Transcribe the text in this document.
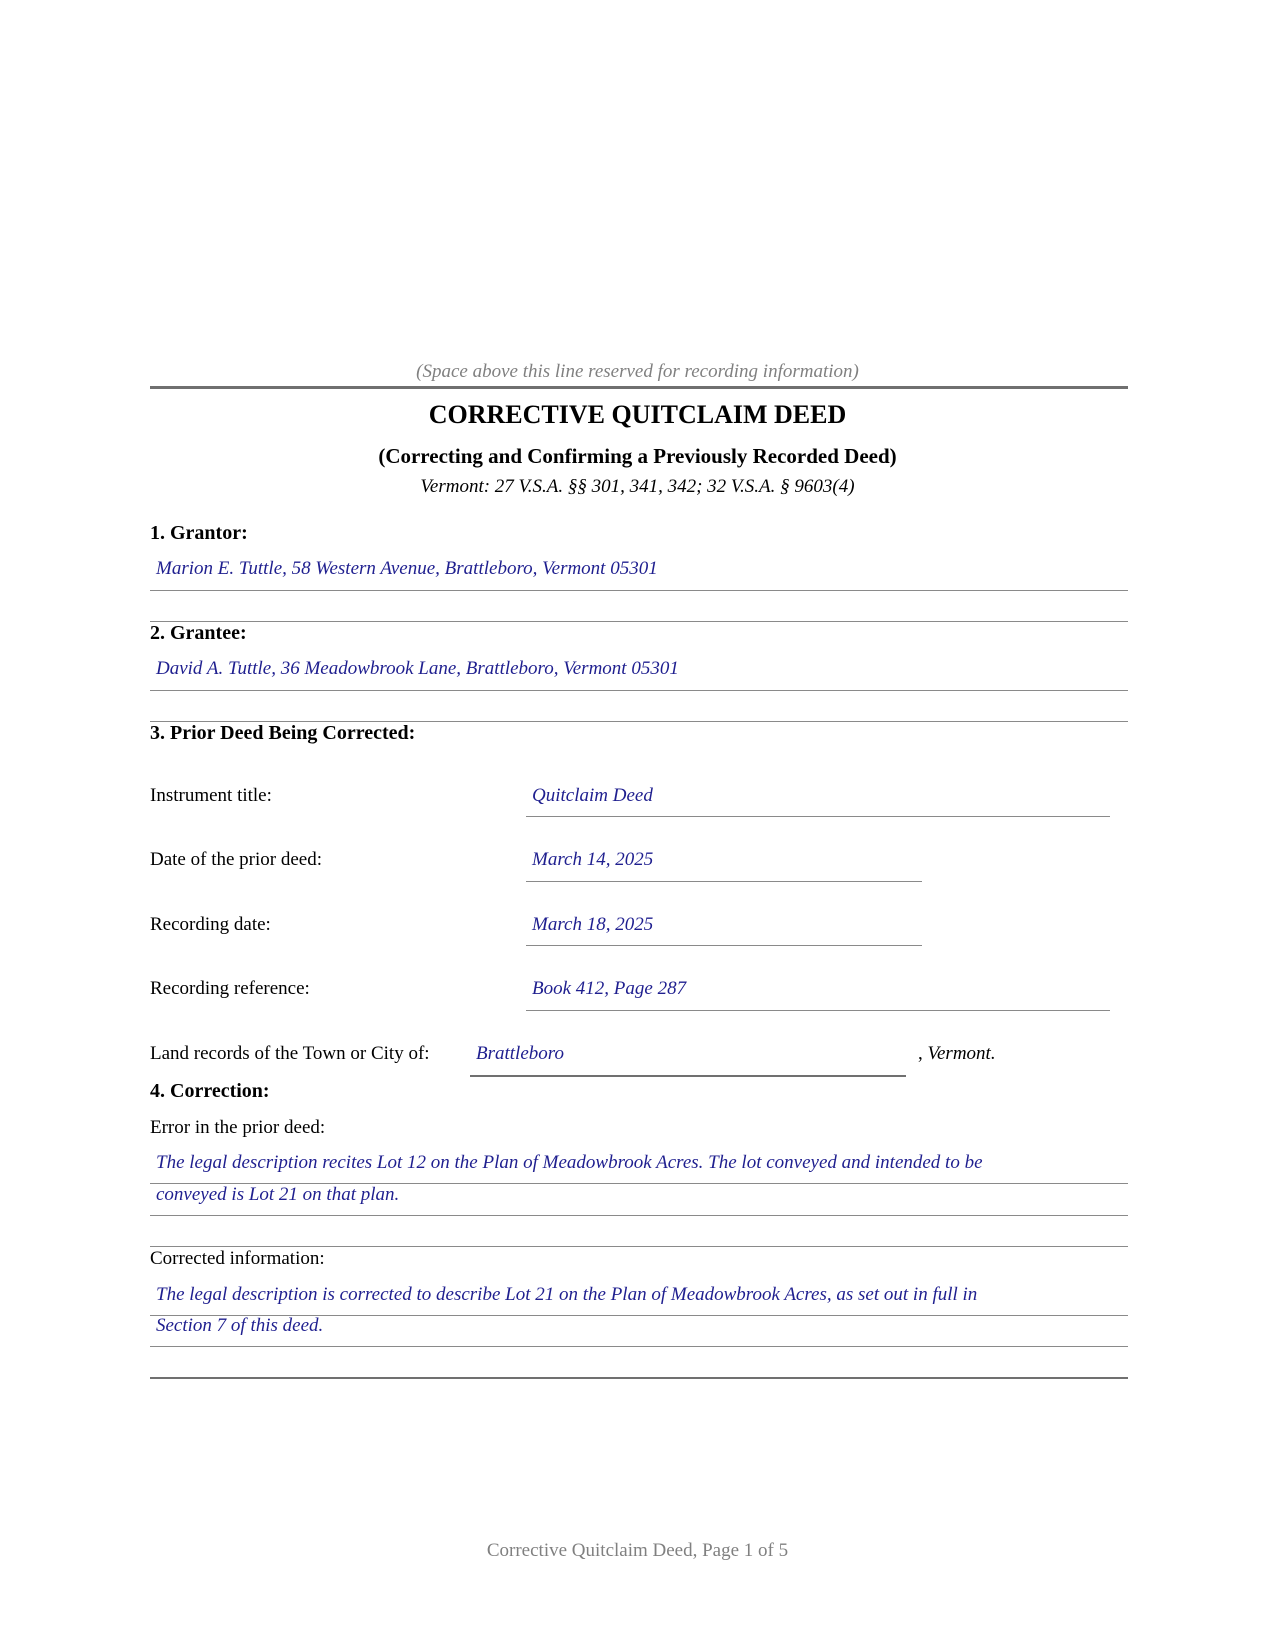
(Space above this line reserved for recording information)
CORRECTIVE QUITCLAIM DEED
(Correcting and Confirming a Previously Recorded Deed)
Vermont: 27 V.S.A. §§ 301, 341, 342; 32 V.S.A. § 9603(4)
1. Grantor:
Marion E. Tuttle, 58 Western Avenue, Brattleboro, Vermont 05301
2. Grantee:
David A. Tuttle, 36 Meadowbrook Lane, Brattleboro, Vermont 05301
3. Prior Deed Being Corrected:
Instrument title:	Quitclaim Deed
Date of the prior deed:	March 14, 2025
Recording date:	March 18, 2025
Recording reference:	Book 412, Page 287
Land records of the Town or City of: Brattleboro	, Vermont.
4. Correction:
Error in the prior deed:
The legal description recites Lot 12 on the Plan of Meadowbrook Acres. The lot conveyed and intended to be
conveyed is Lot 21 on that plan.
Corrected information:
The legal description is corrected to describe Lot 21 on the Plan of Meadowbrook Acres, as set out in full in
Section 7 of this deed.
Corrective Quitclaim Deed, Page 1 of 5
